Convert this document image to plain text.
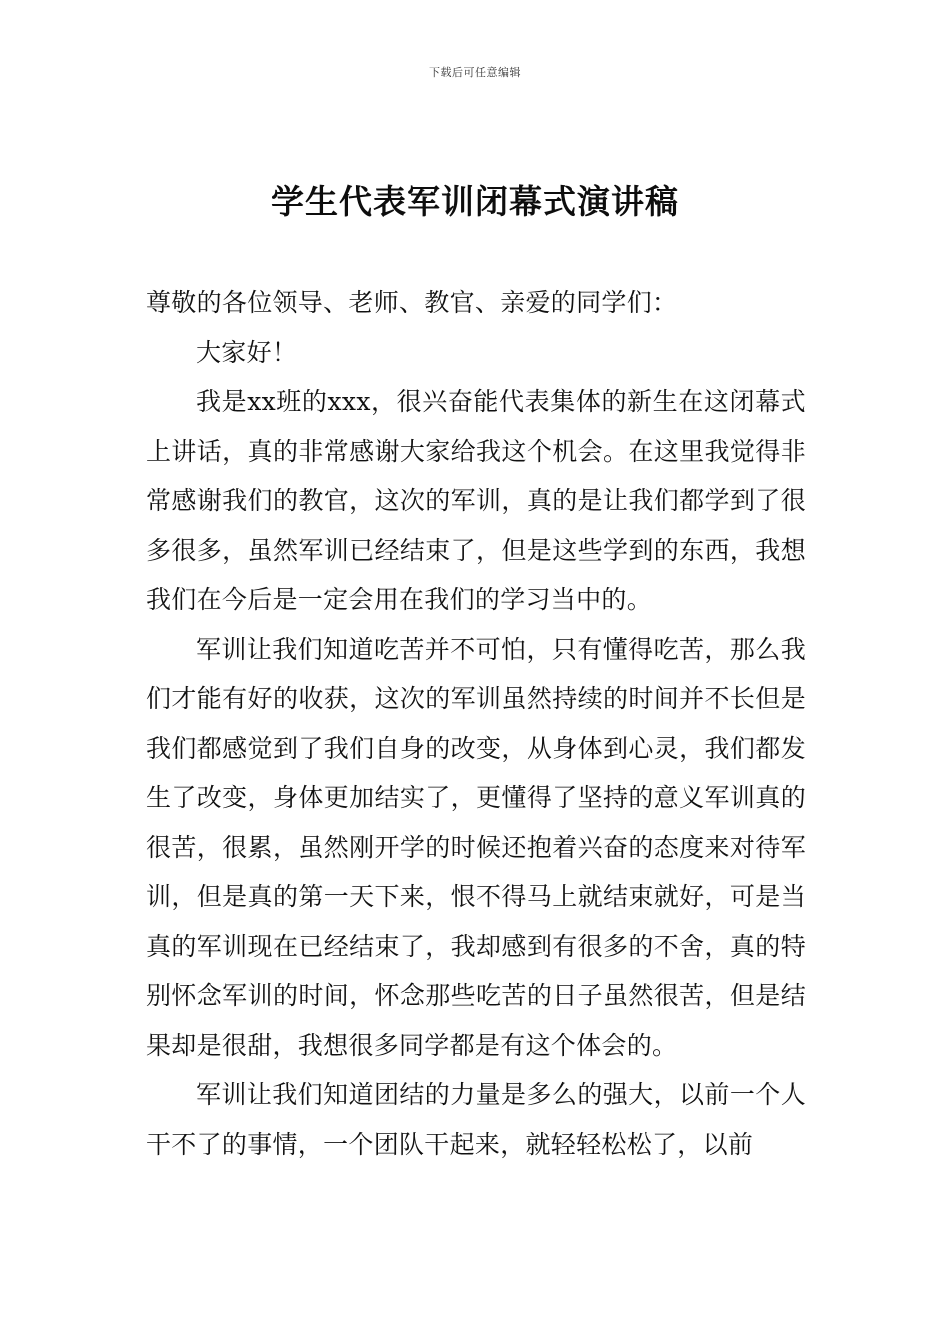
下载后可任意编辑
学生代表军训闭幕式演讲稿

尊敬的各位领导、老师、教官、亲爱的同学们：

大家好！

我是xx班的xxx，很兴奋能代表集体的新生在这闭幕式上讲话，真的非常感谢大家给我这个机会。在这里我觉得非常感谢我们的教官，这次的军训，真的是让我们都学到了很多很多，虽然军训已经结束了，但是这些学到的东西，我想我们在今后是一定会用在我们的学习当中的。

军训让我们知道吃苦并不可怕，只有懂得吃苦，那么我们才能有好的收获，这次的军训虽然持续的时间并不长但是我们都感觉到了我们自身的改变，从身体到心灵，我们都发生了改变，身体更加结实了，更懂得了坚持的意义军训真的很苦，很累，虽然刚开学的时候还抱着兴奋的态度来对待军训，但是真的第一天下来，恨不得马上就结束就好，可是当真的军训现在已经结束了，我却感到有很多的不舍，真的特别怀念军训的时间，怀念那些吃苦的日子虽然很苦，但是结果却是很甜，我想很多同学都是有这个体会的。

军训让我们知道团结的力量是多么的强大，以前一个人干不了的事情，一个团队干起来，就轻轻松松了，以前
